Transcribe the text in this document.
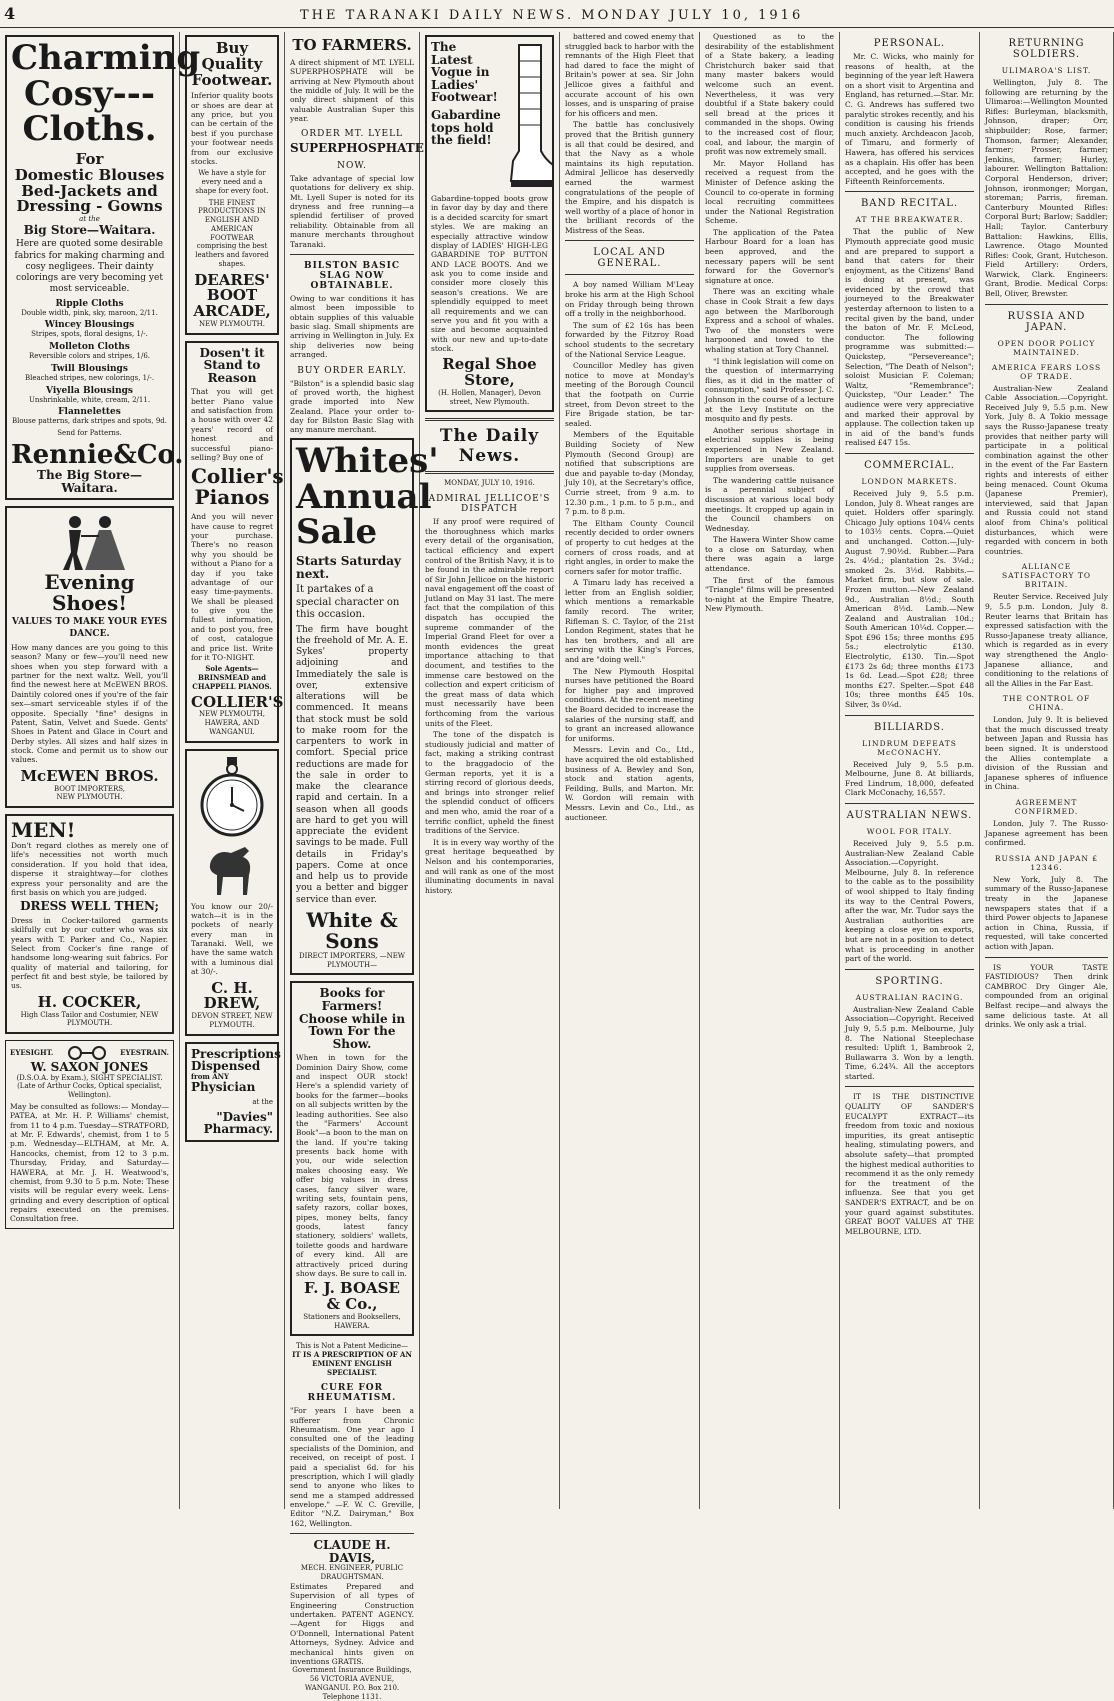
4	THE TARANAKI DAILY NEWS. MONDAY JULY 10, 1916
Charming Cosy--- Cloths.
For
Domestic Blouses Bed-Jackets and Dressing - Gowns
at the
Big Store—Waitara.
Here are quoted some desirable fabrics for making charming and cosy negligees. Their dainty colorings are very becoming yet most serviceable.
Ripple Cloths
Double width, pink, sky, maroon, 2/11.
Wincey Blousings
Stripes, spots, floral designs, 1/-.
Molleton Cloths
Reversible colors and stripes, 1/6.
Twill Blousings
Bleached stripes, new colorings, 1/-.
Viyella Blousings
Unshrinkable, white, cream, 2/11.
Flannelettes
Blouse patterns, dark stripes and spots, 9d.
Send for Patterns.
Rennie&Co.
The Big Store—Waitara.
Evening Shoes!
VALUES TO MAKE YOUR EYES DANCE.
How many dances are you going to this season? Many or few—you'll need new shoes when you step forward with a partner for the next waltz. Well, you'll find the newest here at McEWEN BROS. Daintily colored ones if you're of the fair sex—smart serviceable styles if of the opposite. Specially "fine" designs in Patent, Satin, Velvet and Suede. Gents' Shoes in Patent and Glace in Court and Derby styles. All sizes and half sizes in stock. Come and permit us to show our values.
McEWEN BROS.
BOOT IMPORTERS,
NEW PLYMOUTH.
MEN!
Don't regard clothes as merely one of life's necessities not worth much consideration. If you hold that idea, disperse it straightway—for clothes express your personality and are the first basis on which you are judged.
DRESS WELL THEN;
Dress in Cocker-tailored garments skilfully cut by our cutter who was six years with T. Parker and Co., Napier. Select from Cocker's fine range of handsome long-wearing suit fabrics. For quality of material and tailoring, for perfect fit and best style, be tailored by us.
H. COCKER,
High Class Tailor and Costumier, NEW PLYMOUTH.
EYESIGHT.	EYESTRAIN.
W. SAXON JONES
(D.S.O.A. by Exam.), SIGHT SPECIALIST. (Late of Arthur Cocks, Optical specialist, Wellington).
May be consulted as follows:— Monday—PATEA, at Mr. H. P. Williams' chemist, from 11 to 4 p.m. Tuesday—STRATFORD, at Mr. F. Edwards', chemist, from 1 to 5 p.m. Wednesday—ELTHAM, at Mr. A. Hancocks, chemist, from 12 to 3 p.m. Thursday, Friday, and Saturday—HAWERA, at Mr. J. H. Weatwood's, chemist, from 9.30 to 5 p.m. Note: These visits will be regular every week. Lens-grinding and every description of optical repairs executed on the premises. Consultation free.
Buy Quality Footwear.
Inferior quality boots or shoes are dear at any price, but you can be certain of the best if you purchase your footwear needs from our exclusive stocks.
We have a style for every need and a shape for every foot.
THE FINEST PRODUCTIONS IN ENGLISH AND AMERICAN FOOTWEAR comprising the best leathers and favored shapes.
DEARES' BOOT ARCADE,
NEW PLYMOUTH.
Dosen't it Stand to Reason
That you will get better Piano value and satisfaction from a house with over 42 years' record of honest and successful piano-selling? Buy one of
Collier's Pianos
And you will never have cause to regret your purchase. There's no reason why you should be without a Piano for a day if you take advantage of our easy time-payments. We shall be pleased to give you the fullest information, and to post you, free of cost, catalogue and price list. Write for it TO-NIGHT.
Sole Agents— BRINSMEAD and CHAPPELL PIANOS.
COLLIER'S
NEW PLYMOUTH, HAWERA, AND WANGANUI.
You know our 20/- watch—it is in the pockets of nearly every man in Taranaki. Well, we have the same watch with a luminous dial at 30/-.
C. H. DREW,
DEVON STREET, NEW PLYMOUTH.
Prescriptions
Dispensed
from ANY
Physician
at the
"Davies"
Pharmacy.
TO FARMERS.
A direct shipment of MT. LYELL SUPERPHOSPHATE will be arriving at New Plymouth about the middle of July. It will be the only direct shipment of this valuable Australian Super this year.
ORDER MT. LYELL
SUPERPHOSPHATE
NOW.
Take advantage of special low quotations for delivery ex ship. Mt. Lyell Super is noted for its dryness and free running—a splendid fertiliser of proved reliability. Obtainable from all manure merchants throughout Taranaki.
BILSTON BASIC SLAG NOW OBTAINABLE.
Owing to war conditions it has almost been impossible to obtain supplies of this valuable basic slag. Small shipments are arriving in Wellington in July. Ex ship deliveries now being arranged.
BUY ORDER EARLY.
"Bilston" is a splendid basic slag of proved worth, the highest grade imported into New Zealand. Place your order to-day for Bilston Basic Slag with any manure merchant.
Whites'
Annual
Sale
Starts Saturday next.
It partakes of a special character on this occasion.
The firm have bought the freehold of Mr. A. E. Sykes' property adjoining and Immediately the sale is over, extensive alterations will be commenced. It means that stock must be sold to make room for the carpenters to work in comfort. Special price reductions are made for the sale in order to make the clearance rapid and certain. In a season when all goods are hard to get you will appreciate the evident savings to be made. Full details in Friday's papers. Come at once and help us to provide you a better and bigger service than ever.
White & Sons
DIRECT IMPORTERS, —NEW PLYMOUTH—
Books for Farmers! Choose while in Town For the Show.
When in town for the Dominion Dairy Show, come and inspect OUR stock! Here's a splendid variety of books for the farmer—books on all subjects written by the leading authorities. See also the "Farmers' Account Book"—a boon to the man on the land. If you're taking presents back home with you, our wide selection makes choosing easy. We offer big values in dress cases, fancy silver ware, writing sets, fountain pens, safety razors, collar boxes, pipes, money belts, fancy goods, latest fancy stationery, soldiers' wallets, toilette goods and hardware of every kind. All are attractively priced during show days. Be sure to call in.
F. J. BOASE & Co.,
Stationers and Booksellers, HAWERA.
This is Not a Patent Medicine—
IT IS A PRESCRIPTION OF AN EMINENT ENGLISH SPECIALIST.
CURE FOR RHEUMATISM.
"For years I have been a sufferer from Chronic Rheumatism. One year ago I consulted one of the leading specialists of the Dominion, and received, on receipt of post. I paid a specialist 6d. for his prescription, which I will gladly send to anyone who likes to send me a stamped addressed envelope." —F. W. C. Greville, Editor "N.Z. Dairyman," Box 162, Wellington.
CLAUDE H. DAVIS,
MECH. ENGINEER, PUBLIC DRAUGHTSMAN.
Estimates Prepared and Supervision of all types of Engineering Construction undertaken. PATENT AGENCY.—Agent for Higgs and O'Donnell, International Patent Attorneys, Sydney. Advice and mechanical hints given on inventions GRATIS.
Government Insurance Buildings, 56 VICTORIA AVENUE, WANGANUI. P.O. Box 210. Telephone 1131.
The Latest Vogue in Ladies' Footwear!
Gabardine tops hold the field!
Gabardine-topped boots grow in favor day by day and there is a decided scarcity for smart styles. We are making an especially attractive window display of LADIES' HIGH-LEG GABARDINE TOP BUTTON AND LACE BOOTS. And we ask you to come inside and consider more closely this season's creations. We are splendidly equipped to meet all requirements and we can serve you and fit you with a size and become acquainted with our new and up-to-date stock.
Regal Shoe Store,
(H. Hollen, Manager), Devon street, New Plymouth.
The Daily News.
MONDAY, JULY 10, 1916.
ADMIRAL JELLICOE'S DISPATCH

If any proof were required of the thoroughness which marks every detail of the organisation, tactical efficiency and expert control of the British Navy, it is to be found in the admirable report of Sir John Jellicoe on the historic naval engagement off the coast of Jutland on May 31 last. The mere fact that the compilation of this dispatch has occupied the supreme commander of the Imperial Grand Fleet for over a month evidences the great importance attaching to that document, and testifies to the immense care bestowed on the collection and expert criticism of the great mass of data which must necessarily have been forthcoming from the various units of the Fleet.

The tone of the dispatch is studiously judicial and matter of fact, making a striking contrast to the braggadocio of the German reports, yet it is a stirring record of glorious deeds, and brings into stronger relief the splendid conduct of officers and men who, amid the roar of a terrific conflict, upheld the finest traditions of the Service.

It is in every way worthy of the great heritage bequeathed by Nelson and his contemporaries, and will rank as one of the most illuminating documents in naval history.

battered and cowed enemy that struggled back to harbor with the remnants of the High Fleet that had dared to face the might of Britain's power at sea. Sir John Jellicoe gives a faithful and accurate account of his own losses, and is unsparing of praise for his officers and men.

The battle has conclusively proved that the British gunnery is all that could be desired, and that the Navy as a whole maintains its high reputation. Admiral Jellicoe has deservedly earned the warmest congratulations of the people of the Empire, and his dispatch is well worthy of a place of honor in the brilliant records of the Mistress of the Seas.

LOCAL AND GENERAL.

A boy named William M'Leay broke his arm at the High School on Friday through being thrown off a trolly in the neighborhood.

The sum of £2 16s has been forwarded by the Fitzroy Road school students to the secretary of the National Service League.

Councillor Medley has given notice to move at Monday's meeting of the Borough Council that the footpath on Currie street, from Devon street to the Fire Brigade station, be tar-sealed.

Members of the Equitable Building Society of New Plymouth (Second Group) are notified that subscriptions are due and payable to-day (Monday, July 10), at the Secretary's office, Currie street, from 9 a.m. to 12.30 p.m., 1 p.m. to 5 p.m., and 7 p.m. to 8 p.m.

The Eltham County Council recently decided to order owners of property to cut hedges at the corners of cross roads, and at right angles, in order to make the corners safer for motor traffic.

A Timaru lady has received a letter from an English soldier, which mentions a remarkable family record. The writer, Rifleman S. C. Taylor, of the 21st London Regiment, states that he has ten brothers, and all are serving with the King's Forces, and are "doing well."

The New Plymouth Hospital nurses have petitioned the Board for higher pay and improved conditions. At the recent meeting the Board decided to increase the salaries of the nursing staff, and to grant an increased allowance for uniforms.

Messrs. Levin and Co., Ltd., have acquired the old established business of A. Bewley and Son, stock and station agents, Feilding, Bulls, and Marton. Mr. W. Gordon will remain with Messrs. Levin and Co., Ltd., as auctioneer.

Questioned as to the desirability of the establishment of a State bakery, a leading Christchurch baker said that many master bakers would welcome such an event. Nevertheless, it was very doubtful if a State bakery could sell bread at the prices it commanded in the shops. Owing to the increased cost of flour, coal, and labour, the margin of profit was now extremely small.

Mr. Mayor Holland has received a request from the Minister of Defence asking the Council to co-operate in forming local recruiting committees under the National Registration Scheme.

The application of the Patea Harbour Board for a loan has been approved, and the necessary papers will be sent forward for the Governor's signature at once.

There was an exciting whale chase in Cook Strait a few days ago between the Marlborough Express and a school of whales. Two of the monsters were harpooned and towed to the whaling station at Tory Channel.

"I think legislation will come on the question of intermarrying flies, as it did in the matter of consumption," said Professor J. C. Johnson in the course of a lecture at the Levy Institute on the mosquito and fly pests.

Another serious shortage in electrical supplies is being experienced in New Zealand. Importers are unable to get supplies from overseas.

The wandering cattle nuisance is a perennial subject of discussion at various local body meetings. It cropped up again in the Council chambers on Wednesday.

The Hawera Winter Show came to a close on Saturday, when there was again a large attendance.

The first of the famous "Triangle" films will be presented to-night at the Empire Theatre, New Plymouth.

PERSONAL.

Mr. C. Wicks, who mainly for reasons of health, at the beginning of the year left Hawera on a short visit to Argentina and England, has returned.—Star. Mr. C. G. Andrews has suffered two paralytic strokes recently, and his condition is causing his friends much anxiety. Archdeacon Jacob, of Timaru, and formerly of Hawera, has offered his services as a chaplain. His offer has been accepted, and he goes with the Fifteenth Reinforcements.

BAND RECITAL.
AT THE BREAKWATER.

That the public of New Plymouth appreciate good music and are prepared to support a band that caters for their enjoyment, as the Citizens' Band is doing at present, was evidenced by the crowd that journeyed to the Breakwater yesterday afternoon to listen to a recital given by the band, under the baton of Mr. F. McLeod, conductor. The following programme was submitted:—Quickstep, "Persevereance"; Selection, "The Death of Nelson"; soloist Musician F. Coleman; Waltz, "Remembrance"; Quickstep, "Our Leader." The audience were very appreciative and marked their approval by applause. The collection taken up in aid of the band's funds realised £47 15s.

COMMERCIAL.
LONDON MARKETS.

Received July 9, 5.5 p.m. London, July 8. Wheat ranges are quiet. Holders offer sparingly. Chicago July options 104¼ cents to 103½ cents. Copra.—Quiet and unchanged. Cotton.—July-August 7.90½d. Rubber.—Para 2s. 4½d.; plantation 2s. 3¼d.; smoked 2s. 3½d. Rabbits.—Market firm, but slow of sale. Frozen mutton.—New Zealand 9d., Australian 8½d.; South American 8½d. Lamb.—New Zealand and Australian 10d.; South American 10¼d. Copper.—Spot £96 15s; three months £95 5s.; electrolytic £130. Electrolytic, £130. Tin.—Spot £173 2s 6d; three months £173 1s 6d. Lead.—Spot £28; three months £27. Spelter.—Spot £48 10s; three months £45 10s. Silver, 3s 0¼d.

BILLIARDS.
LINDRUM DEFEATS McCONACHY.

Received July 9, 5.5 p.m. Melbourne, June 8. At billiards, Fred Lindrum, 18,000, defeated Clark McConachy, 16,557.

AUSTRALIAN NEWS.
WOOL FOR ITALY.

Received July 9, 5.5 p.m. Australian-New Zealand Cable Association.—Copyright. Melbourne, July 8. In reference to the cable as to the possibility of wool shipped to Italy finding its way to the Central Powers, after the war, Mr. Tudor says the Australian authorities are keeping a close eye on exports, but are not in a position to detect what is proceeding in another part of the world.

SPORTING.
AUSTRALIAN RACING.

Australian-New Zealand Cable Association—Copyright. Received July 9, 5.5 p.m. Melbourne, July 8. The National Steeplechase resulted: Uplift 1, Bambrook 2, Bullawarra 3. Won by a length. Time, 6.24¾. All the acceptors started.

IT IS THE DISTINCTIVE QUALITY OF SANDER'S EUCALYPT EXTRACT—its freedom from toxic and noxious impurities, its great antiseptic healing, stimulating powers, and absolute safety—that prompted the highest medical authorities to recommend it as the only remedy for the treatment of the influenza. See that you get SANDER'S EXTRACT, and be on your guard against substitutes. GREAT BOOT VALUES AT THE MELBOURNE, LTD.

RETURNING SOLDIERS.
ULIMAROA'S LIST.

Wellington, July 8. The following are returning by the Ulimaroa:—Wellington Mounted Rifles: Burleyman, blacksmith, Johnson, draper; Orr, shipbuilder; Rose, farmer; Thomson, farmer; Alexander, farmer; Prosser, farmer; Jenkins, farmer; Hurley, labourer. Wellington Battalion: Corporal Henderson, driver; Johnson, ironmonger; Morgan, storeman; Parris, fireman. Canterbury Mounted Rifles: Corporal Burt; Barlow; Saddler; Hall; Taylor. Canterbury Battalion: Hawkins, Ellis, Lawrence. Otago Mounted Rifles: Cook, Grant, Hutcheson. Field Artillery: Orders, Warwick, Clark. Engineers: Grant, Brodie. Medical Corps: Bell, Oliver, Brewster.

RUSSIA AND JAPAN.
OPEN DOOR POLICY MAINTAINED.
AMERICA FEARS LOSS OF TRADE.

Australian-New Zealand Cable Association.—Copyright. Received July 9, 5.5 p.m. New York, July 8. A Tokio message says the Russo-Japanese treaty provides that neither party will participate in a political combination against the other in the event of the Far Eastern rights and interests of either being menaced. Count Okuma (Japanese Premier), interviewed, said that Japan and Russia could not stand aloof from China's political disturbances, which were regarded with concern in both countries.

ALLIANCE SATISFACTORY TO BRITAIN.

Reuter Service. Received July 9, 5.5 p.m. London, July 8. Reuter learns that Britain has expressed satisfaction with the Russo-Japanese treaty alliance, which is regarded as in every way strengthened the Anglo-Japanese alliance, and conditioning to the relations of all the Allies in the Far East.

THE CONTROL OF CHINA.

London, July 9. It is believed that the much discussed treaty between Japan and Russia has been signed. It is understood the Allies contemplate a division of the Russian and Japanese spheres of influence in China.

AGREEMENT CONFIRMED.

London, July 7. The Russo-Japanese agreement has been confirmed.

RUSSIA AND JAPAN £ 12346.

New York, July 8. The summary of the Russo-Japanese treaty in the Japanese newspapers states that if a third Power objects to Japanese action in China, Russia, if requested, will take concerted action with Japan.

IS YOUR TASTE FASTIDIOUS? Then drink CAMBROC Dry Ginger Ale, compounded from an original Belfast recipe—and always the same delicious taste. At all drinks. We only ask a trial.
